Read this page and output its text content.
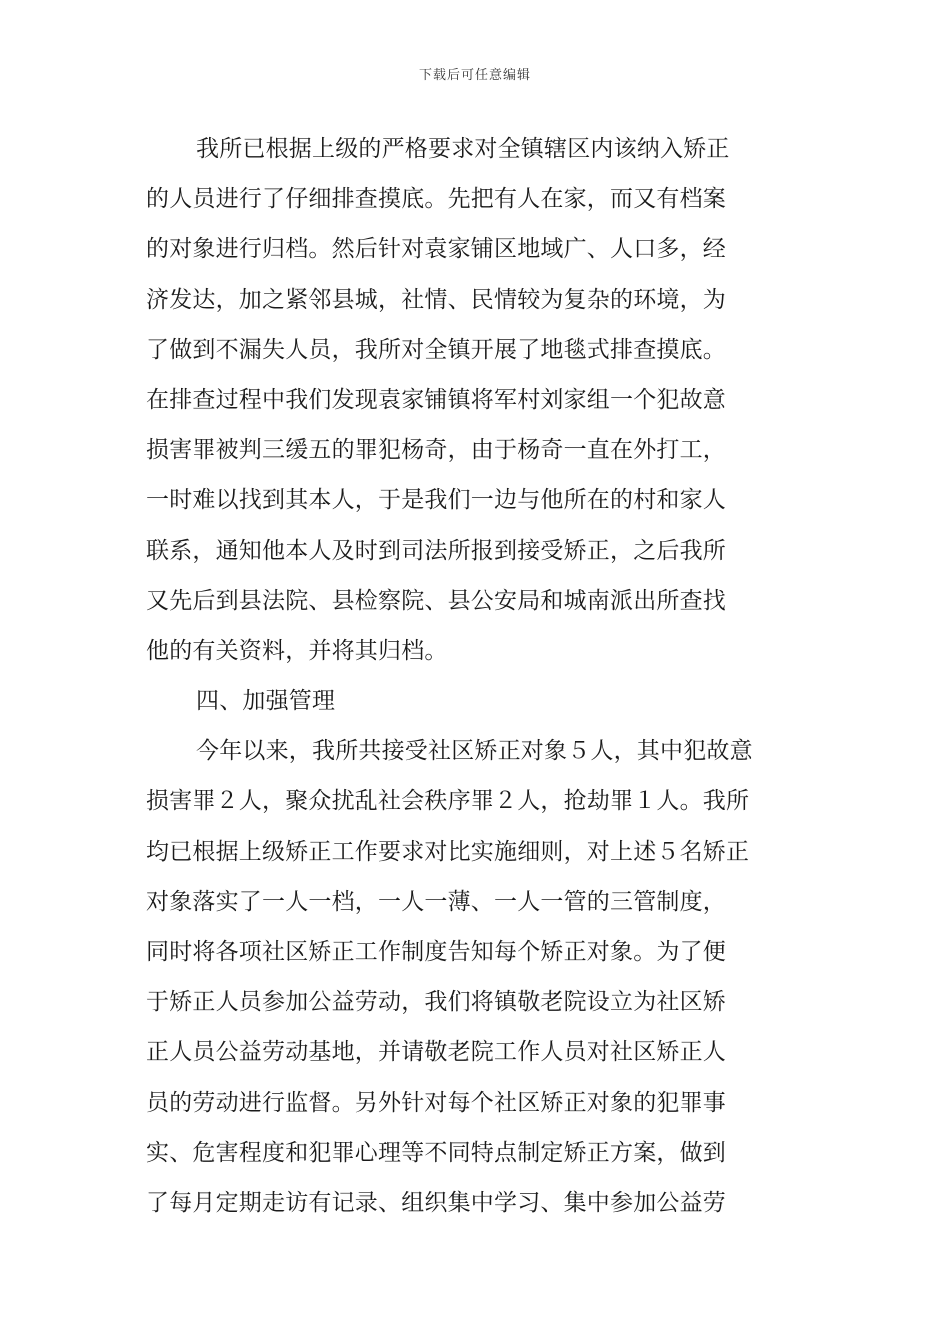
下载后可任意编辑
我所已根据上级的严格要求对全镇辖区内该纳入矫正
的人员进行了仔细排查摸底。先把有人在家，而又有档案
的对象进行归档。然后针对袁家铺区地域广、人口多，经
济发达，加之紧邻县城，社情、民情较为复杂的环境，为
了做到不漏失人员，我所对全镇开展了地毯式排查摸底。
在排查过程中我们发现袁家铺镇将军村刘家组一个犯故意
损害罪被判三缓五的罪犯杨奇，由于杨奇一直在外打工，
一时难以找到其本人，于是我们一边与他所在的村和家人
联系，通知他本人及时到司法所报到接受矫正，之后我所
又先后到县法院、县检察院、县公安局和城南派出所查找
他的有关资料，并将其归档。
四、加强管理
今年以来，我所共接受社区矫正对象５人，其中犯故意
损害罪２人，聚众扰乱社会秩序罪２人，抢劫罪１人。我所
均已根据上级矫正工作要求对比实施细则，对上述５名矫正
对象落实了一人一档，一人一薄、一人一管的三管制度，
同时将各项社区矫正工作制度告知每个矫正对象。为了便
于矫正人员参加公益劳动，我们将镇敬老院设立为社区矫
正人员公益劳动基地，并请敬老院工作人员对社区矫正人
员的劳动进行监督。另外针对每个社区矫正对象的犯罪事
实、危害程度和犯罪心理等不同特点制定矫正方案，做到
了每月定期走访有记录、组织集中学习、集中参加公益劳
